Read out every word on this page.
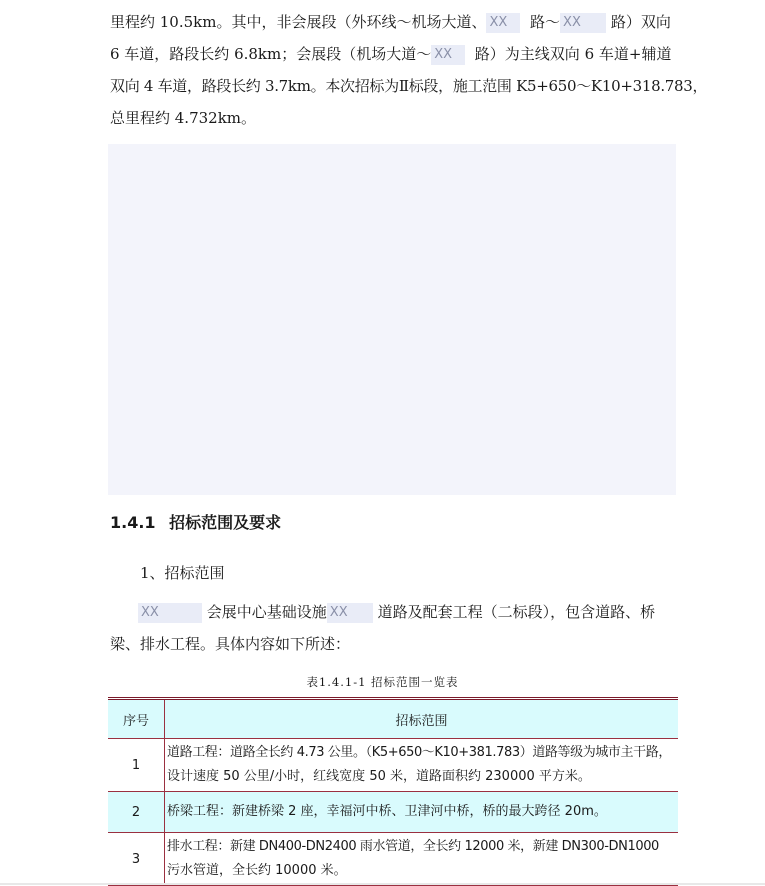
里程约 10.5km。其中，非会展段（外环线～机场大道、 XX 路～ XX 路）双向
6 车道，路段长约 6.8km；会展段（机场大道～ XX 路）为主线双向 6 车道+辅道
双向 4 车道，路段长约 3.7km。本次招标为Ⅱ标段，施工范围 K5+650～K10+318.783，
总里程约 4.732km。
1.4.1 招标范围及要求
1、招标范围
XX	会展中心基础设施 XX 道路及配套工程（二标段），包含道路、桥
梁、排水工程。具体内容如下所述：
表1.4.1-1 招标范围一览表
序号	招标范围
1	道路工程：道路全长约 4.73 公里。（K5+650～K10+381.783）道路等级为城市主干路，
设计速度 50 公里/小时，红线宽度 50 米，道路面积约 230000 平方米。

2	桥梁工程：新建桥梁 2 座，幸福河中桥、卫津河中桥，桥的最大跨径 20m。

3	排水工程：新建 DN400-DN2400 雨水管道，全长约 12000 米，新建 DN300-DN1000
污水管道，全长约 10000 米。
